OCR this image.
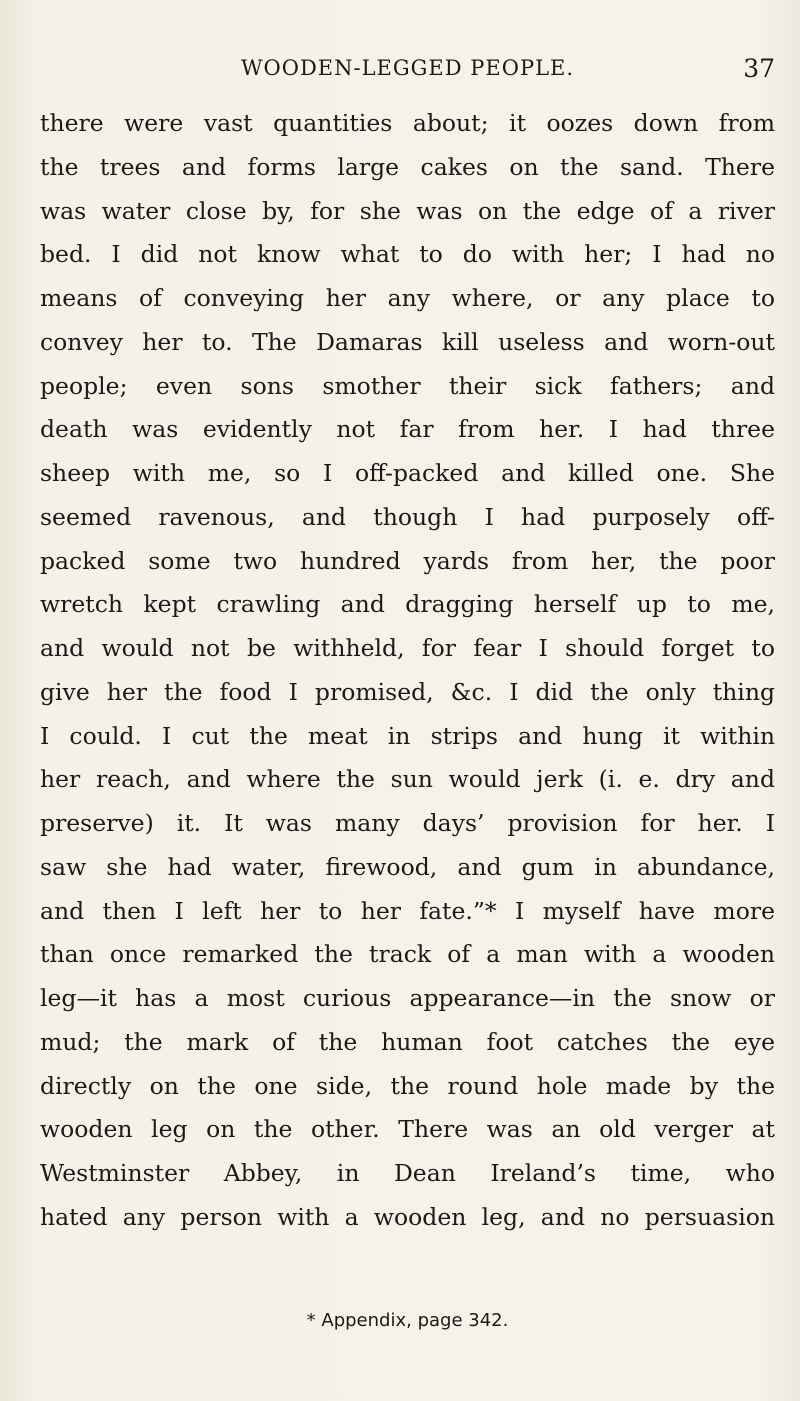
WOODEN-LEGGED PEOPLE.	37
there were vast quantities about; it oozes down from
the trees and forms large cakes on the sand. There
was water close by, for she was on the edge of a river
bed. I did not know what to do with her; I had no
means of conveying her any where, or any place to
convey her to. The Damaras kill useless and worn-out
people; even sons smother their sick fathers; and
death was evidently not far from her. I had three
sheep with me, so I off-packed and killed one. She
seemed ravenous, and though I had purposely off-
packed some two hundred yards from her, the poor
wretch kept crawling and dragging herself up to me,
and would not be withheld, for fear I should forget to
give her the food I promised, &c. I did the only thing
I could. I cut the meat in strips and hung it within
her reach, and where the sun would jerk (i. e. dry and
preserve) it. It was many days’ provision for her. I
saw she had water, firewood, and gum in abundance,
and then I left her to her fate.”* I myself have more
than once remarked the track of a man with a wooden
leg—it has a most curious appearance—in the snow or
mud; the mark of the human foot catches the eye
directly on the one side, the round hole made by the
wooden leg on the other. There was an old verger at
Westminster Abbey, in Dean Ireland’s time, who
hated any person with a wooden leg, and no persuasion
* Appendix, page 342.
